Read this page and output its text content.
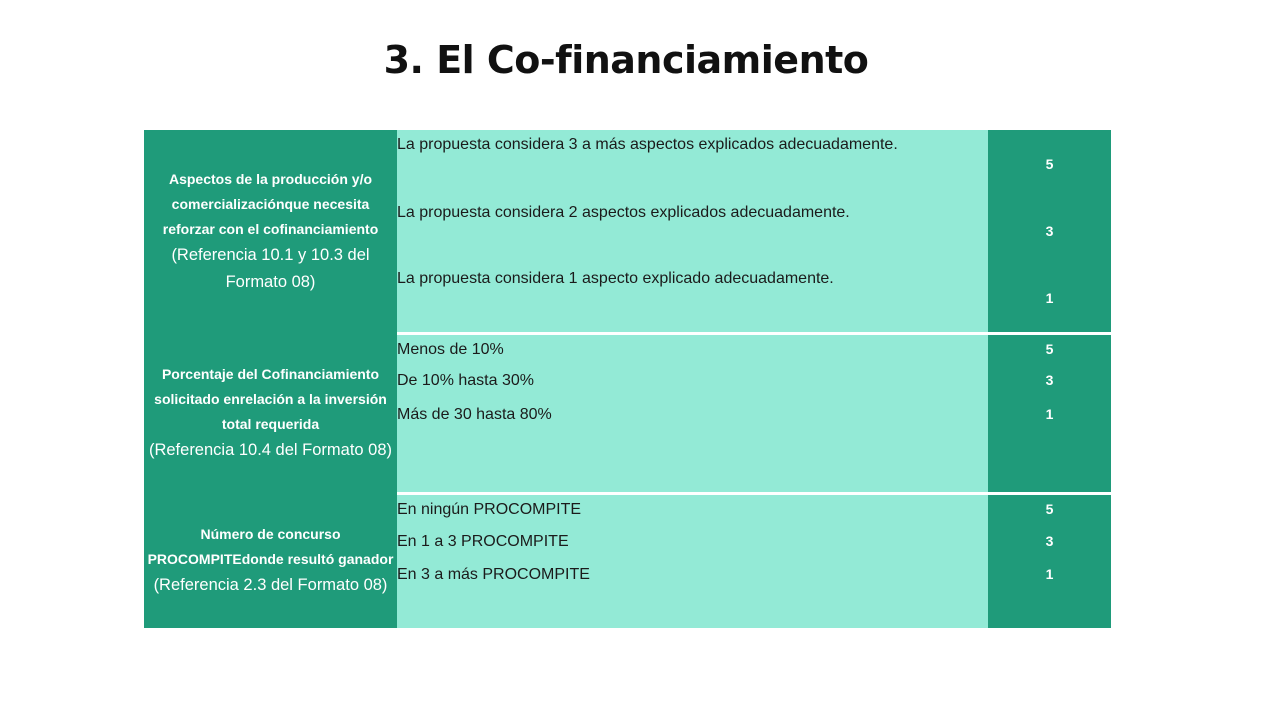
3. El Co-financiamiento
Aspectos de la producción y/o comercializaciónque necesita reforzar con el cofinanciamiento
(Referencia 10.1 y 10.3 del Formato 08)	La propuesta considera 3 a más aspectos explicados adecuadamente.	5
	La propuesta considera 2 aspectos explicados adecuadamente.	3
	La propuesta considera 1 aspecto explicado adecuadamente.	1

Porcentaje del Cofinanciamiento solicitado enrelación a la inversión total requerida
(Referencia 10.4 del Formato 08)	Menos de 10%	5
	De 10% hasta 30%	3
	Más de 30 hasta 80%	1

Número de concurso PROCOMPITEdonde resultó ganador
(Referencia 2.3 del Formato 08)	En ningún PROCOMPITE	5
	En 1 a 3 PROCOMPITE	3
	En 3 a más PROCOMPITE	1
